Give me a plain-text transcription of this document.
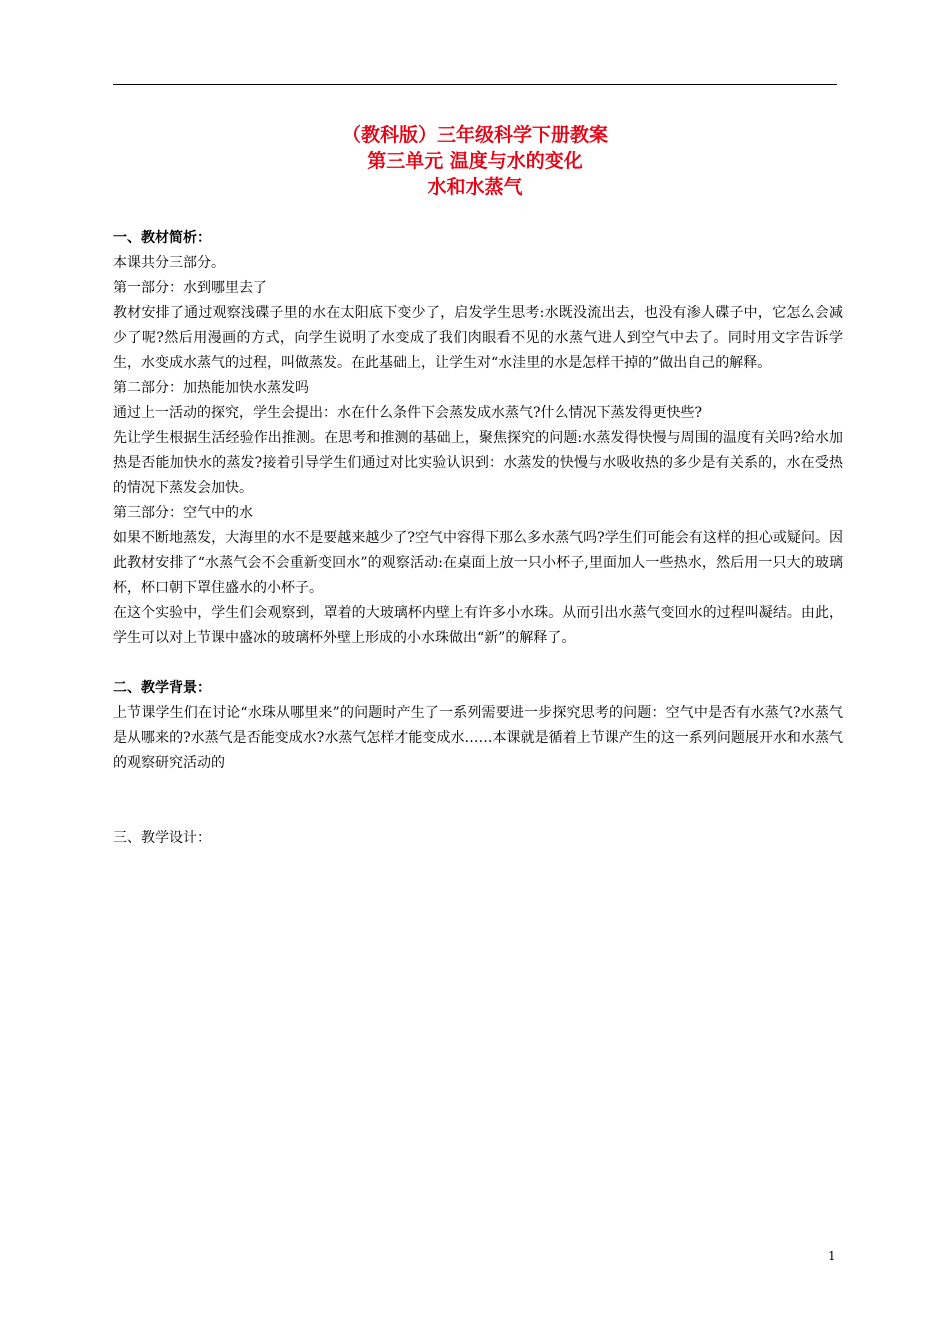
（教科版）三年级科学下册教案
第三单元 温度与水的变化
水和水蒸气
一、教材简析：

本课共分三部分。

第一部分：水到哪里去了

教材安排了通过观察浅碟子里的水在太阳底下变少了，启发学生思考:水既没流出去，也没有渗人碟子中，它怎么会减少了呢?然后用漫画的方式，向学生说明了水变成了我们肉眼看不见的水蒸气进人到空气中去了。同时用文字告诉学生，水变成水蒸气的过程，叫做蒸发。在此基础上，让学生对“水洼里的水是怎样干掉的”做出自己的解释。

第二部分：加热能加快水蒸发吗

通过上一活动的探究，学生会提出：水在什么条件下会蒸发成水蒸气?什么情况下蒸发得更快些?

先让学生根据生活经验作出推测。在思考和推测的基础上，聚焦探究的问题:水蒸发得快慢与周围的温度有关吗?给水加热是否能加快水的蒸发?接着引导学生们通过对比实验认识到：水蒸发的快慢与水吸收热的多少是有关系的，水在受热的情况下蒸发会加快。

第三部分：空气中的水

如果不断地蒸发，大海里的水不是要越来越少了?空气中容得下那么多水蒸气吗?学生们可能会有这样的担心或疑问。因此教材安排了“水蒸气会不会重新变回水”的观察活动:在桌面上放一只小杯子,里面加人一些热水，然后用一只大的玻璃杯，杯口朝下罩住盛水的小杯子。

在这个实验中，学生们会观察到，罩着的大玻璃杯内壁上有许多小水珠。从而引出水蒸气变回水的过程叫凝结。由此，学生可以对上节课中盛冰的玻璃杯外壁上形成的小水珠做出“新”的解释了。

二、教学背景：

上节课学生们在讨论“水珠从哪里来”的问题时产生了一系列需要进一步探究思考的问题：空气中是否有水蒸气?水蒸气是从哪来的?水蒸气是否能变成水?水蒸气怎样才能变成水……本课就是循着上节课产生的这一系列问题展开水和水蒸气的观察研究活动的

三、教学设计：
1
